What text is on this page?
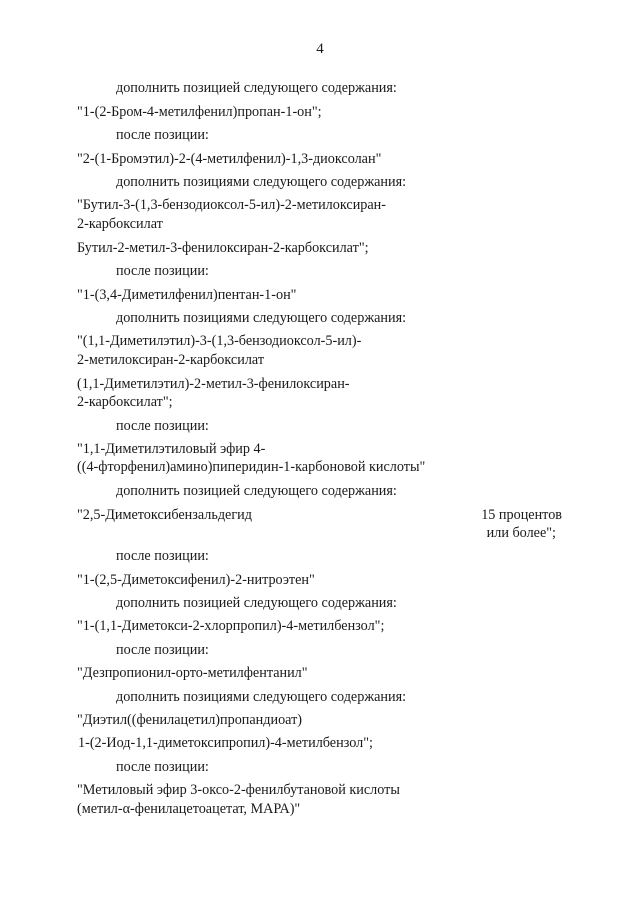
4
дополнить позицией следующего содержания:
"1-(2-Бром-4-метилфенил)пропан-1-он";
после позиции:
"2-(1-Бромэтил)-2-(4-метилфенил)-1,3-диоксолан"
дополнить позициями следующего содержания:
"Бутил-3-(1,3-бензодиоксол-5-ил)-2-метилоксиран-
2-карбоксилат
Бутил-2-метил-3-фенилоксиран-2-карбоксилат";
после позиции:
"1-(3,4-Диметилфенил)пентан-1-он"
дополнить позициями следующего содержания:
"(1,1-Диметилэтил)-3-(1,3-бензодиоксол-5-ил)-
2-метилоксиран-2-карбоксилат
(1,1-Диметилэтил)-2-метил-3-фенилоксиран-
2-карбоксилат";
после позиции:
"1,1-Диметилэтиловый эфир 4-
((4-фторфенил)амино)пиперидин-1-карбоновой кислоты"
дополнить позицией следующего содержания:
"2,5-Диметоксибензальдегид	15 процентов
или более";
после позиции:
"1-(2,5-Диметоксифенил)-2-нитроэтен"
дополнить позицией следующего содержания:
"1-(1,1-Диметокси-2-хлорпропил)-4-метилбензол";
после позиции:
"Дезпропионил-орто-метилфентанил"
дополнить позициями следующего содержания:
"Диэтил((фенилацетил)пропандиоат)
1-(2-Иод-1,1-диметоксипропил)-4-метилбензол";
после позиции:
"Метиловый эфир 3-оксо-2-фенилбутановой кислоты
(метил-α-фенилацетоацетат, МАРА)"
